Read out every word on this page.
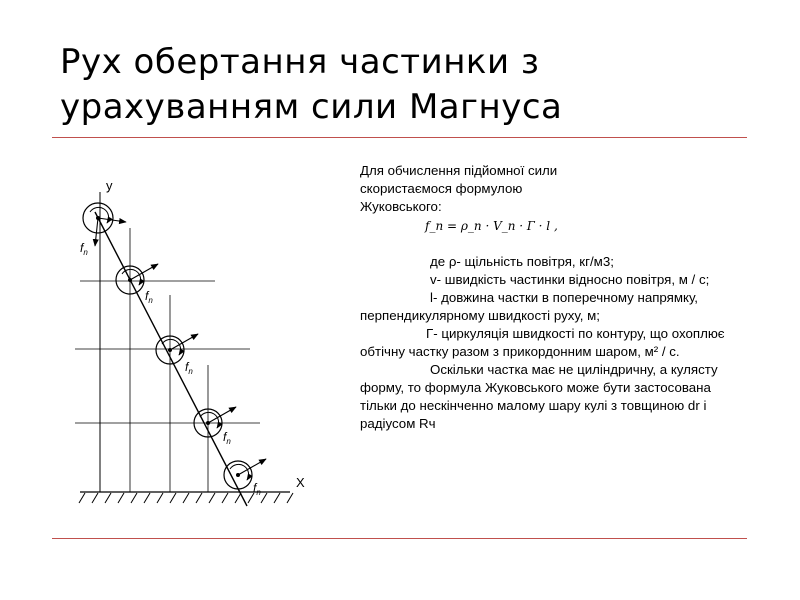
Рух обертання частинки з урахуванням сили Магнуса
y
X
$f_n$
$f_n$
$f_n$
$f_n$
$f_n$

Для обчислення підйомної сили скористаємося формулою Жуковського:

f_п = ρ_п · V_п · Г · l ,

де ρ- щільність повітря, кг/м3;

v- швидкість частинки відносно повітря, м / с;

l- довжина частки в поперечному напрямку, перпендикулярному швидкості руху, м;

Г- циркуляція швидкості по контуру, що охоплює обтічну частку разом з прикордонним шаром, м² / с.

Оскільки частка має не циліндричну, а кулясту форму, то формула Жуковського може бути застосована тільки до нескінченно малому шару кулі з товщиною dr і радіусом Rч
